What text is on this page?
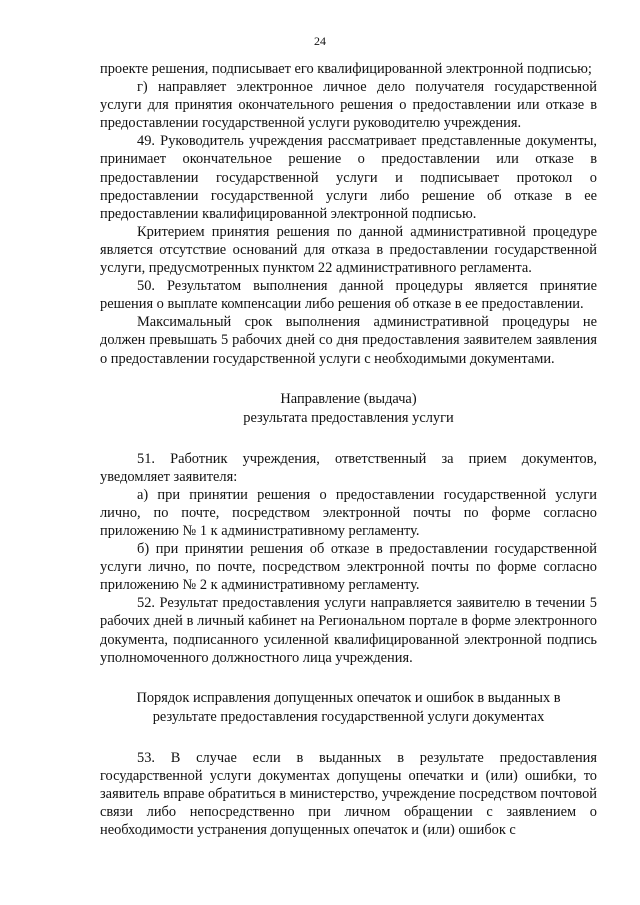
24

проекте решения, подписывает его квалифицированной электронной подписью;

г) направляет электронное личное дело получателя государственной услуги для принятия окончательного решения о предоставлении или отказе в предоставлении государственной услуги руководителю учреждения.

49. Руководитель учреждения рассматривает представленные документы, принимает окончательное решение о предоставлении или отказе в предоставлении государственной услуги и подписывает протокол о предоставлении государственной услуги либо решение об отказе в ее предоставлении квалифицированной электронной подписью.

Критерием принятия решения по данной административной процедуре является отсутствие оснований для отказа в предоставлении государственной услуги, предусмотренных пунктом 22 административного регламента.

50. Результатом выполнения данной процедуры является принятие решения о выплате компенсации либо решения об отказе в ее предоставлении.

Максимальный срок выполнения административной процедуры не должен превышать 5 рабочих дней со дня предоставления заявителем заявления о предоставлении государственной услуги с необходимыми документами.

Направление (выдача)
результата предоставления услуги

51. Работник учреждения, ответственный за прием документов, уведомляет заявителя:

а) при принятии решения о предоставлении государственной услуги лично, по почте, посредством электронной почты по форме согласно приложению № 1 к административному регламенту.

б) при принятии решения об отказе в предоставлении государственной услуги лично, по почте, посредством электронной почты по форме согласно приложению № 2 к административному регламенту.

52. Результат предоставления услуги направляется заявителю в течении 5 рабочих дней в личный кабинет на Региональном портале в форме электронного документа, подписанного усиленной квалифицированной электронной подпись уполномоченного должностного лица учреждения.

Порядок исправления допущенных опечаток и ошибок в выданных в
результате предоставления государственной услуги документах

53. В случае если в выданных в результате предоставления государственной услуги документах допущены опечатки и (или) ошибки, то заявитель вправе обратиться в министерство, учреждение посредством почтовой связи либо непосредственно при личном обращении с заявлением о необходимости устранения допущенных опечаток и (или) ошибок с
